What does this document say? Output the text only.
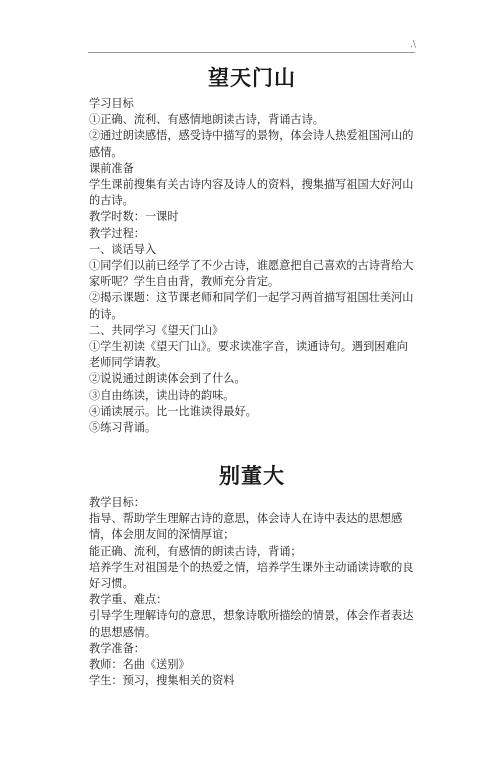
.\
望天门山

学习目标

①正确、流利、有感情地朗读古诗，背诵古诗。

②通过朗读感悟，感受诗中描写的景物，体会诗人热爱祖国河山的感情。

课前准备

学生课前搜集有关古诗内容及诗人的资料，搜集描写祖国大好河山的古诗。

教学时数：一课时

教学过程：

一、谈话导入

①同学们以前已经学了不少古诗，谁愿意把自己喜欢的古诗背给大家听呢？学生自由背，教师充分肯定。

②揭示课题：这节课老师和同学们一起学习两首描写祖国壮美河山的诗。

二、共同学习《望天门山》

①学生初读《望天门山》。要求读准字音，读通诗句。遇到困难向老师同学请教。

②说说通过朗读体会到了什么。

③自由练读，读出诗的韵味。

④诵读展示。比一比谁读得最好。

⑤练习背诵。

别董大

教学目标：

指导、帮助学生理解古诗的意思，体会诗人在诗中表达的思想感情，体会朋友间的深情厚谊；

能正确、流利，有感情的朗读古诗，背诵；

培养学生对祖国是个的热爱之情，培养学生课外主动诵读诗歌的良好习惯。

教学重、难点：

引导学生理解诗句的意思，想象诗歌所描绘的情景，体会作者表达的思想感情。

教学准备：

教师：名曲《送别》

学生：预习，搜集相关的资料
